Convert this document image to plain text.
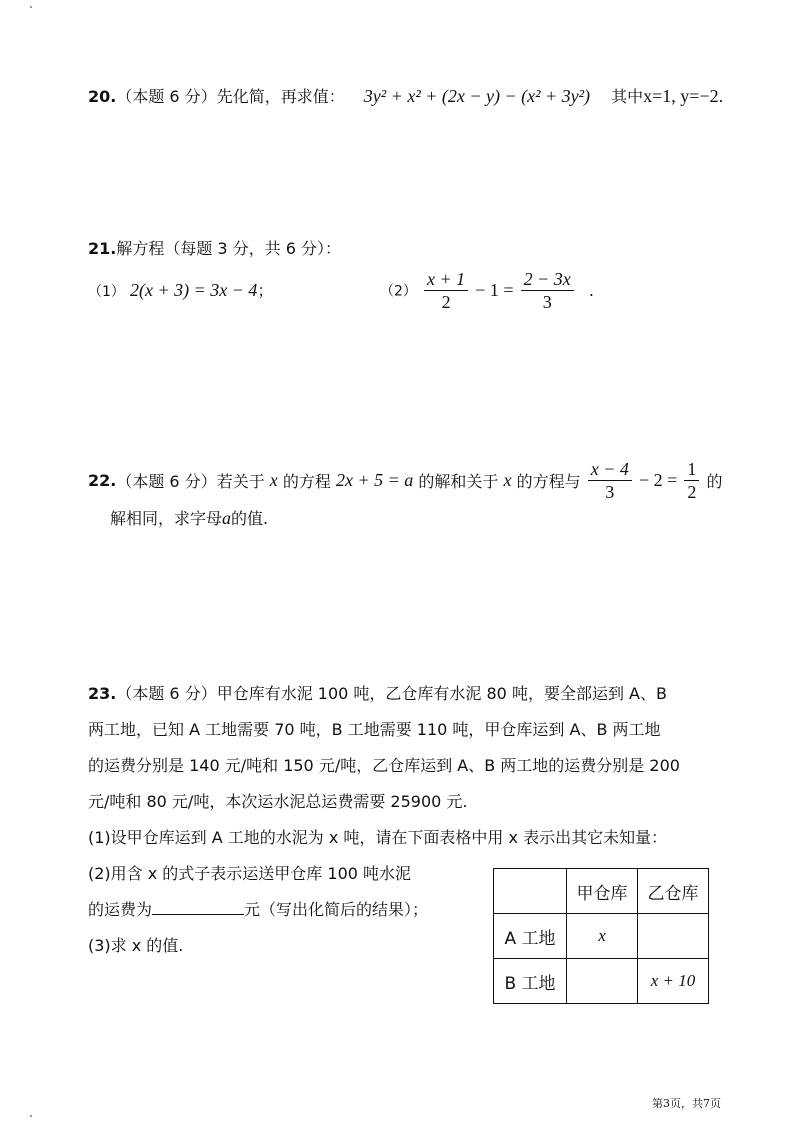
20.（本题 6 分）先化简，再求值： 3y² + x² + (2x − y) − (x² + 3y²) 其中x=1, y=−2.
21.解方程（每题 3 分，共 6 分）：
（1） 2(x + 3) = 3x − 4；	$(2) \frac{x + 1}{2} - 1 = \frac{2 - 3x}{3}$ .
22.（本题 6 分）若关于 x 的方程 2x + 5 = a 的解和关于 x 的方程与 $\frac{x - 4}{3} - 2 = \frac{1}{2}$ 的
解相同，求字母a的值.
23.（本题 6 分）甲仓库有水泥 100 吨，乙仓库有水泥 80 吨，要全部运到 A、B
两工地，已知 A 工地需要 70 吨，B 工地需要 110 吨，甲仓库运到 A、B 两工地
的运费分别是 140 元/吨和 150 元/吨，乙仓库运到 A、B 两工地的运费分别是 200
元/吨和 80 元/吨，本次运水泥总运费需要 25900 元.
(1)设甲仓库运到 A 工地的水泥为 x 吨，请在下面表格中用 x 表示出其它未知量：
(2)用含 x 的式子表示运送甲仓库 100 吨水泥
的运费为	元（写出化简后的结果）；
(3)求 x 的值.
	甲仓库	乙仓库
A 工地	x	
B 工地		x + 10
第3页，共7页
